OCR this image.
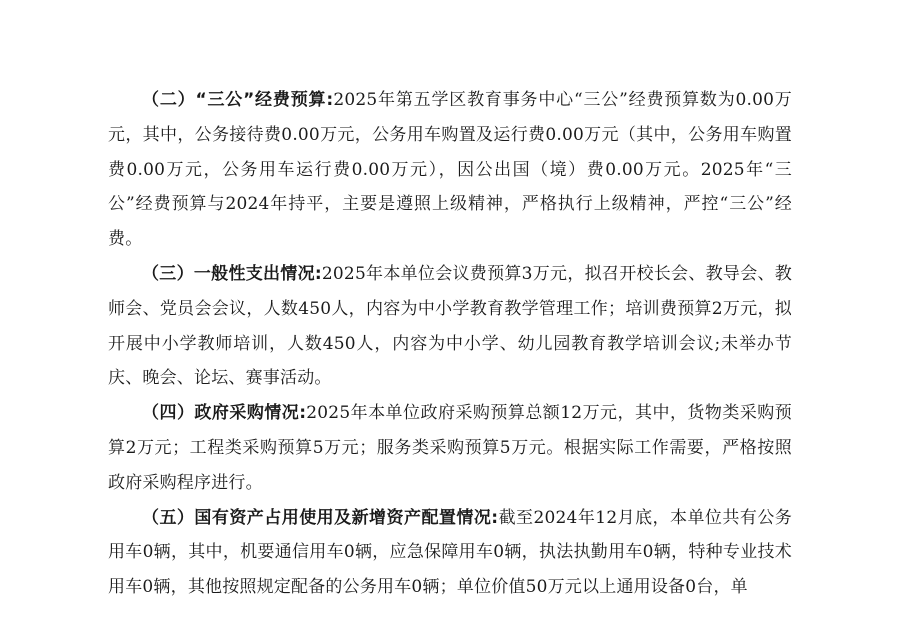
（二）“三公”经费预算:2025年第五学区教育事务中心“三公”经费预算数为0.00万元，其中，公务接待费0.00万元，公务用车购置及运行费0.00万元（其中，公务用车购置费0.00万元，公务用车运行费0.00万元），因公出国（境）费0.00万元。2025年“三公”经费预算与2024年持平，主要是遵照上级精神，严格执行上级精神，严控“三公”经费。

（三）一般性支出情况:2025年本单位会议费预算3万元，拟召开校长会、教导会、教师会、党员会会议，人数450人，内容为中小学教育教学管理工作；培训费预算2万元，拟开展中小学教师培训，人数450人，内容为中小学、幼儿园教育教学培训会议;未举办节庆、晚会、论坛、赛事活动。

（四）政府采购情况:2025年本单位政府采购预算总额12万元，其中，货物类采购预算2万元；工程类采购预算5万元；服务类采购预算5万元。根据实际工作需要，严格按照政府采购程序进行。

（五）国有资产占用使用及新增资产配置情况:截至2024年12月底，本单位共有公务用车0辆，其中，机要通信用车0辆，应急保障用车0辆，执法执勤用车0辆，特种专业技术用车0辆，其他按照规定配备的公务用车0辆；单位价值50万元以上通用设备0台，单
